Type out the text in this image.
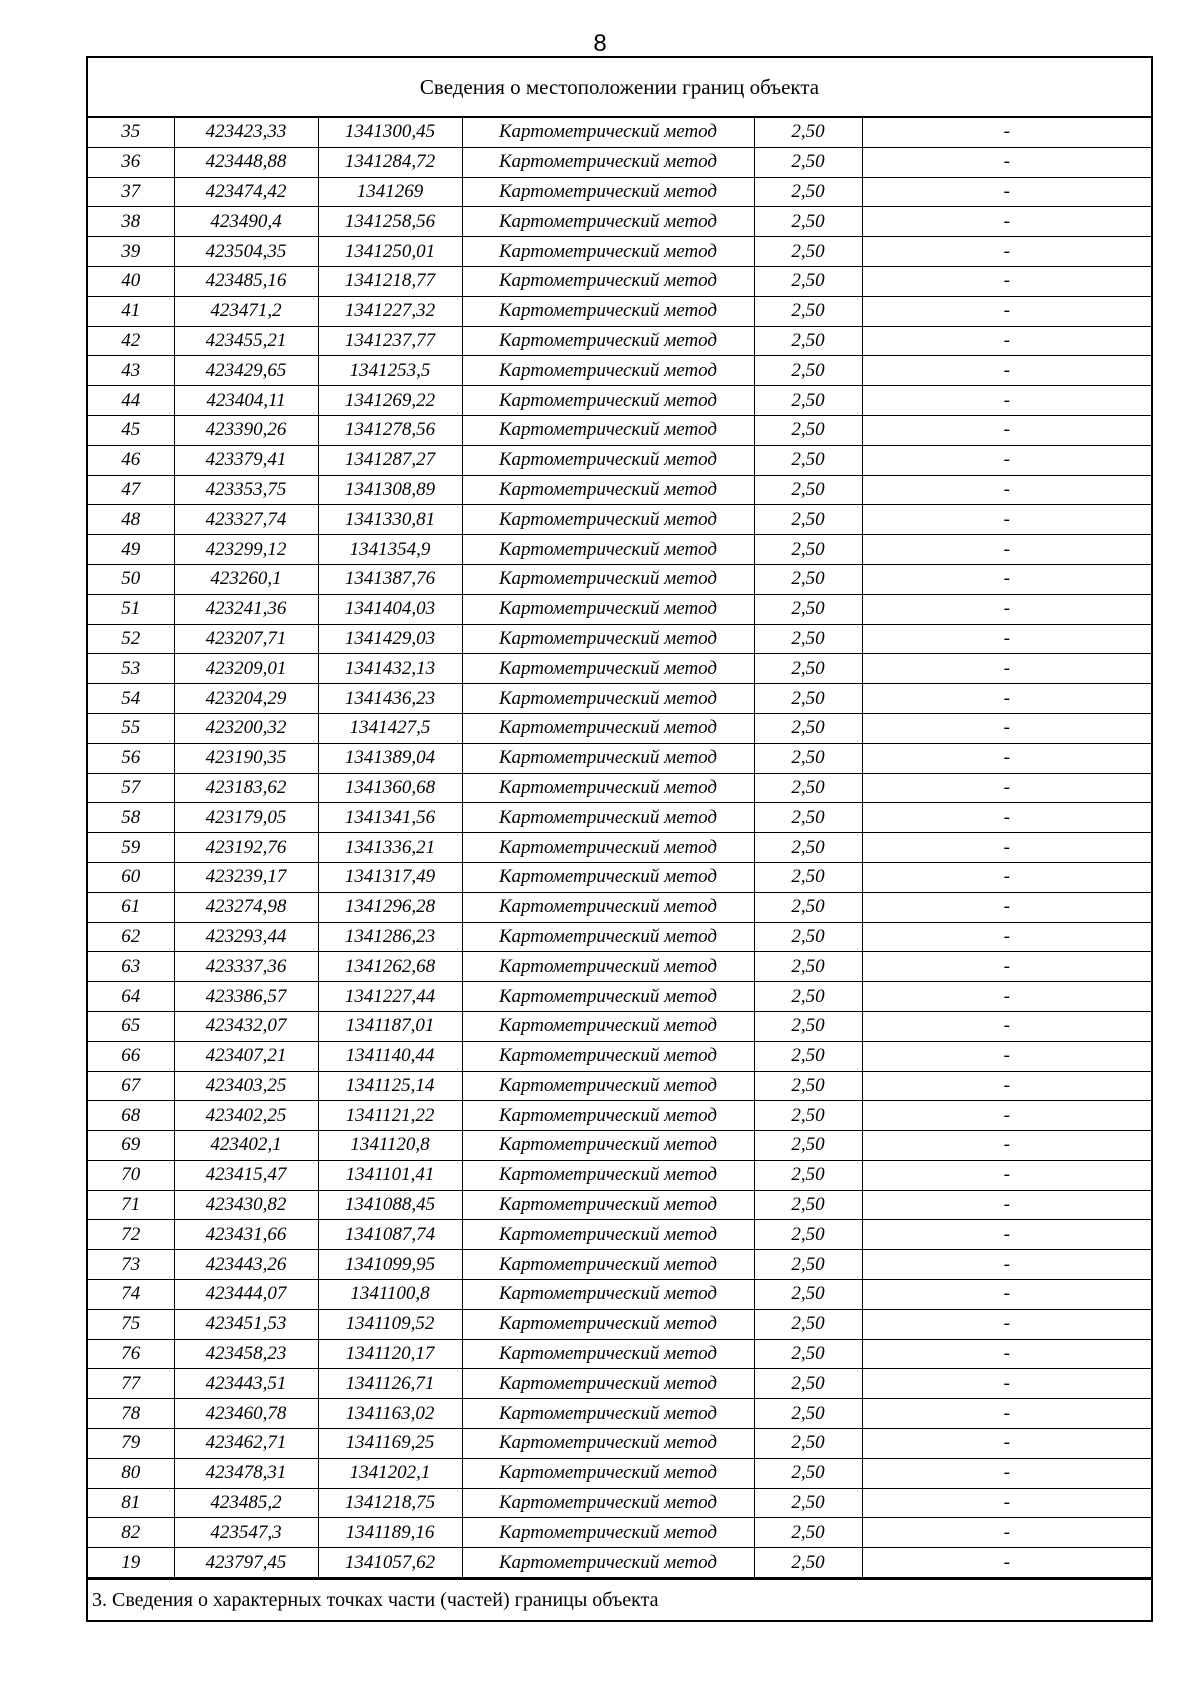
8
Сведения о местоположении границ объекта
35	423423,33	1341300,45	Картометрический метод	2,50	-
36	423448,88	1341284,72	Картометрический метод	2,50	-
37	423474,42	1341269	Картометрический метод	2,50	-
38	423490,4	1341258,56	Картометрический метод	2,50	-
39	423504,35	1341250,01	Картометрический метод	2,50	-
40	423485,16	1341218,77	Картометрический метод	2,50	-
41	423471,2	1341227,32	Картометрический метод	2,50	-
42	423455,21	1341237,77	Картометрический метод	2,50	-
43	423429,65	1341253,5	Картометрический метод	2,50	-
44	423404,11	1341269,22	Картометрический метод	2,50	-
45	423390,26	1341278,56	Картометрический метод	2,50	-
46	423379,41	1341287,27	Картометрический метод	2,50	-
47	423353,75	1341308,89	Картометрический метод	2,50	-
48	423327,74	1341330,81	Картометрический метод	2,50	-
49	423299,12	1341354,9	Картометрический метод	2,50	-
50	423260,1	1341387,76	Картометрический метод	2,50	-
51	423241,36	1341404,03	Картометрический метод	2,50	-
52	423207,71	1341429,03	Картометрический метод	2,50	-
53	423209,01	1341432,13	Картометрический метод	2,50	-
54	423204,29	1341436,23	Картометрический метод	2,50	-
55	423200,32	1341427,5	Картометрический метод	2,50	-
56	423190,35	1341389,04	Картометрический метод	2,50	-
57	423183,62	1341360,68	Картометрический метод	2,50	-
58	423179,05	1341341,56	Картометрический метод	2,50	-
59	423192,76	1341336,21	Картометрический метод	2,50	-
60	423239,17	1341317,49	Картометрический метод	2,50	-
61	423274,98	1341296,28	Картометрический метод	2,50	-
62	423293,44	1341286,23	Картометрический метод	2,50	-
63	423337,36	1341262,68	Картометрический метод	2,50	-
64	423386,57	1341227,44	Картометрический метод	2,50	-
65	423432,07	1341187,01	Картометрический метод	2,50	-
66	423407,21	1341140,44	Картометрический метод	2,50	-
67	423403,25	1341125,14	Картометрический метод	2,50	-
68	423402,25	1341121,22	Картометрический метод	2,50	-
69	423402,1	1341120,8	Картометрический метод	2,50	-
70	423415,47	1341101,41	Картометрический метод	2,50	-
71	423430,82	1341088,45	Картометрический метод	2,50	-
72	423431,66	1341087,74	Картометрический метод	2,50	-
73	423443,26	1341099,95	Картометрический метод	2,50	-
74	423444,07	1341100,8	Картометрический метод	2,50	-
75	423451,53	1341109,52	Картометрический метод	2,50	-
76	423458,23	1341120,17	Картометрический метод	2,50	-
77	423443,51	1341126,71	Картометрический метод	2,50	-
78	423460,78	1341163,02	Картометрический метод	2,50	-
79	423462,71	1341169,25	Картометрический метод	2,50	-
80	423478,31	1341202,1	Картометрический метод	2,50	-
81	423485,2	1341218,75	Картометрический метод	2,50	-
82	423547,3	1341189,16	Картометрический метод	2,50	-
19	423797,45	1341057,62	Картометрический метод	2,50	-
3. Сведения о характерных точках части (частей) границы объекта
